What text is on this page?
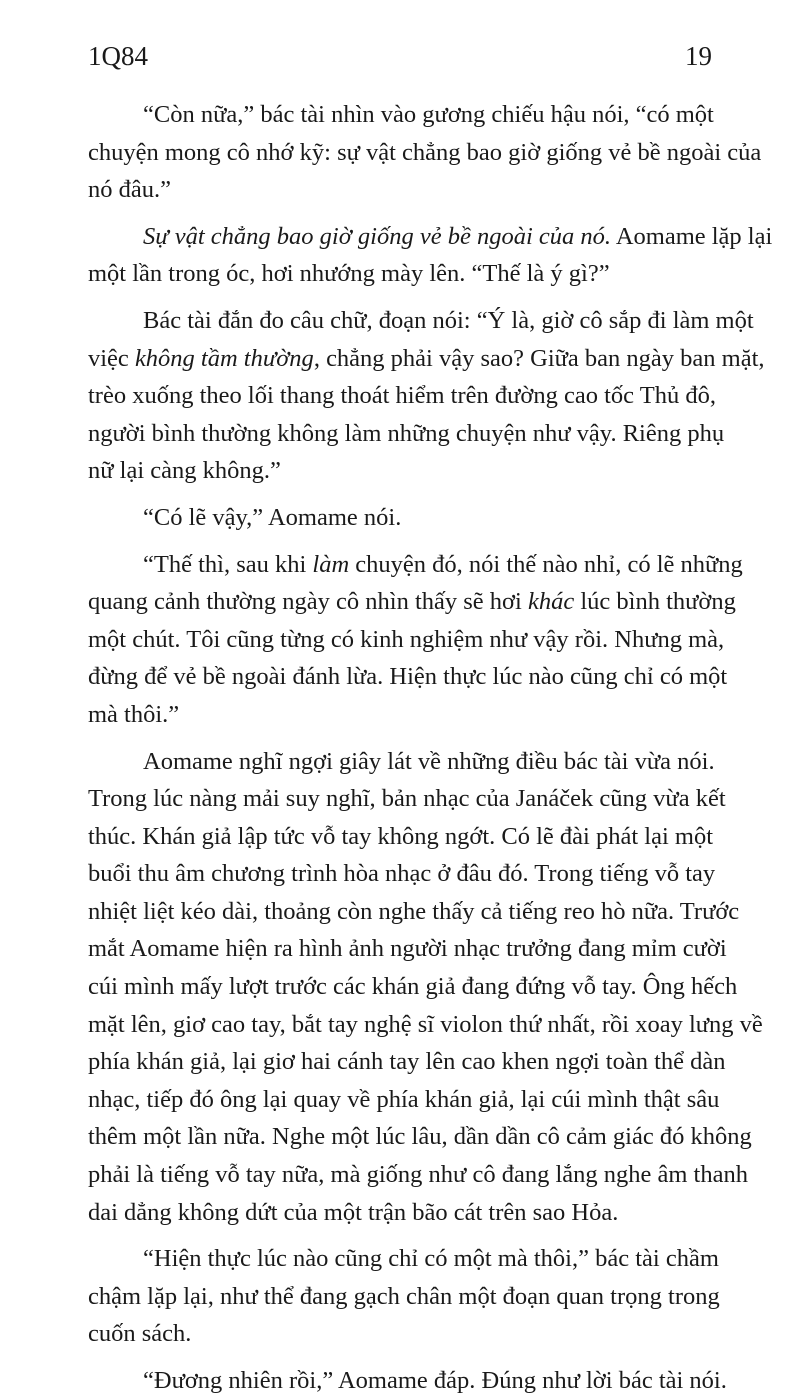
1Q84	19
“Còn nữa,” bác tài nhìn vào gương chiếu hậu nói, “có một
chuyện mong cô nhớ kỹ: sự vật chẳng bao giờ giống vẻ bề ngoài của
nó đâu.”
Sự vật chẳng bao giờ giống vẻ bề ngoài của nó. Aomame lặp lại
một lần trong óc, hơi nhướng mày lên. “Thế là ý gì?”
Bác tài đắn đo câu chữ, đoạn nói: “Ý là, giờ cô sắp đi làm một
việc không tầm thường, chẳng phải vậy sao? Giữa ban ngày ban mặt,
trèo xuống theo lối thang thoát hiểm trên đường cao tốc Thủ đô,
người bình thường không làm những chuyện như vậy. Riêng phụ
nữ lại càng không.”
“Có lẽ vậy,” Aomame nói.
“Thế thì, sau khi làm chuyện đó, nói thế nào nhỉ, có lẽ những
quang cảnh thường ngày cô nhìn thấy sẽ hơi khác lúc bình thường
một chút. Tôi cũng từng có kinh nghiệm như vậy rồi. Nhưng mà,
đừng để vẻ bề ngoài đánh lừa. Hiện thực lúc nào cũng chỉ có một
mà thôi.”
Aomame nghĩ ngợi giây lát về những điều bác tài vừa nói.
Trong lúc nàng mải suy nghĩ, bản nhạc của Janáček cũng vừa kết
thúc. Khán giả lập tức vỗ tay không ngớt. Có lẽ đài phát lại một
buổi thu âm chương trình hòa nhạc ở đâu đó. Trong tiếng vỗ tay
nhiệt liệt kéo dài, thoảng còn nghe thấy cả tiếng reo hò nữa. Trước
mắt Aomame hiện ra hình ảnh người nhạc trưởng đang mỉm cười
cúi mình mấy lượt trước các khán giả đang đứng vỗ tay. Ông hếch
mặt lên, giơ cao tay, bắt tay nghệ sĩ violon thứ nhất, rồi xoay lưng về
phía khán giả, lại giơ hai cánh tay lên cao khen ngợi toàn thể dàn
nhạc, tiếp đó ông lại quay về phía khán giả, lại cúi mình thật sâu
thêm một lần nữa. Nghe một lúc lâu, dần dần cô cảm giác đó không
phải là tiếng vỗ tay nữa, mà giống như cô đang lắng nghe âm thanh
dai dẳng không dứt của một trận bão cát trên sao Hỏa.
“Hiện thực lúc nào cũng chỉ có một mà thôi,” bác tài chầm
chậm lặp lại, như thể đang gạch chân một đoạn quan trọng trong
cuốn sách.
“Đương nhiên rồi,” Aomame đáp. Đúng như lời bác tài nói.
